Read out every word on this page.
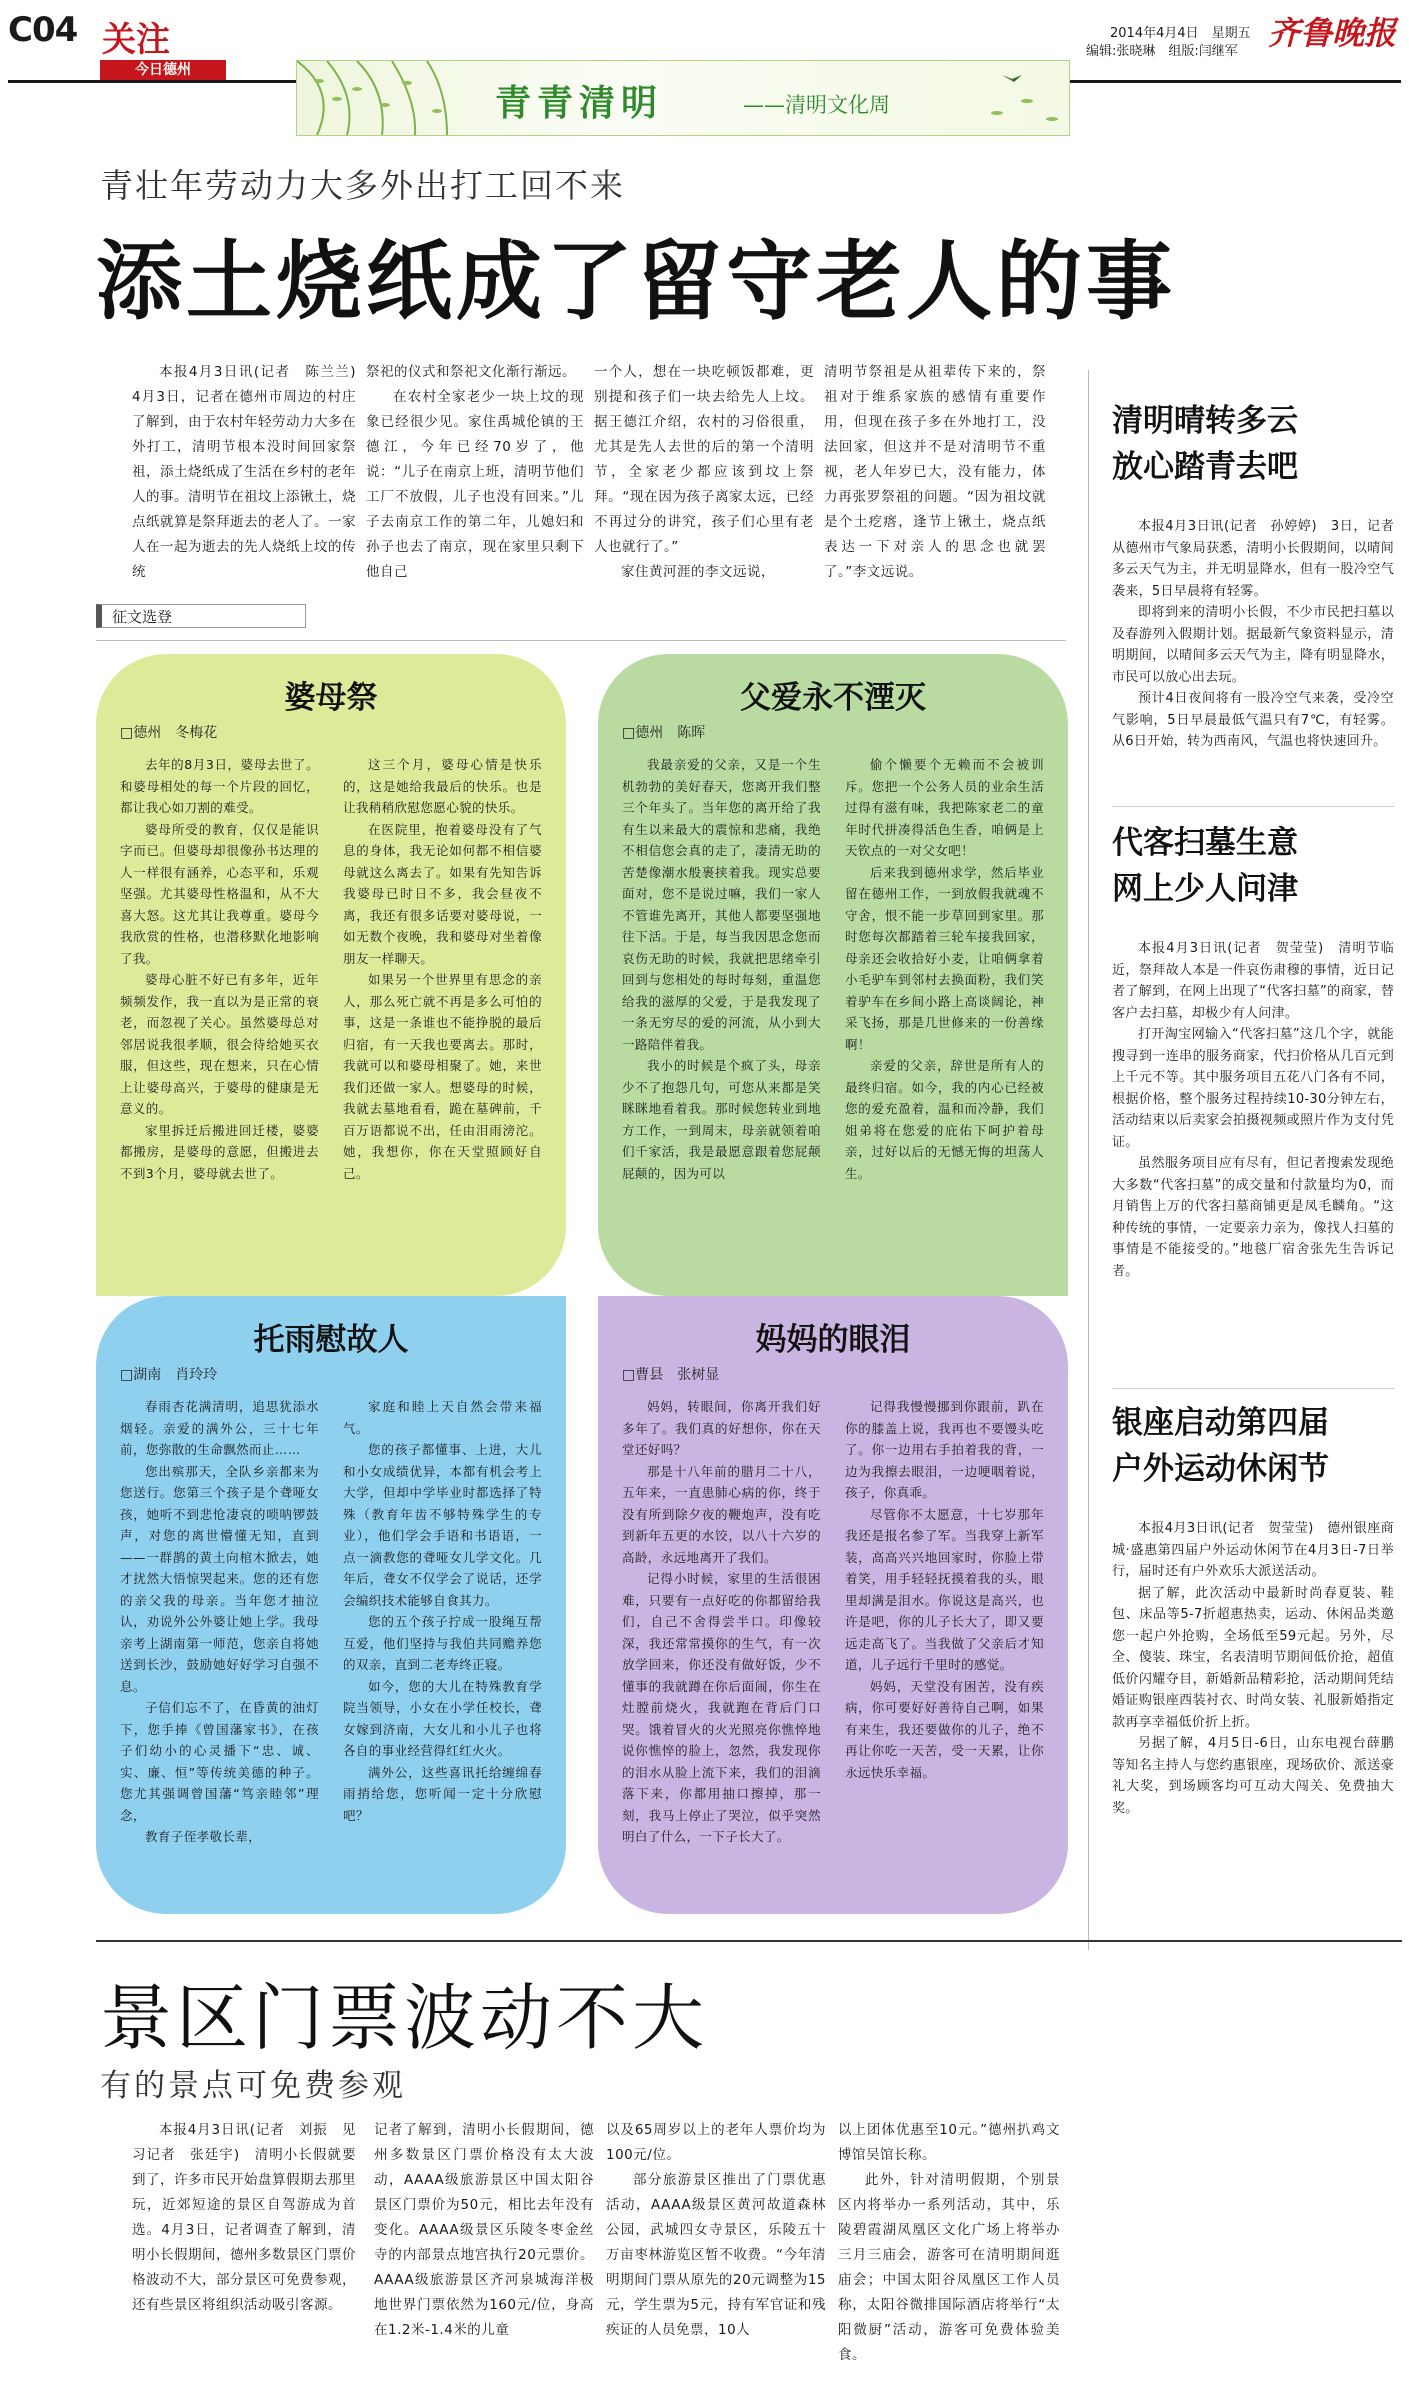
C04 关注
今日德州
2014年4月4日　星期五
编辑:张晓琳　组版:闫继军 齐鲁晚报
青青清明	——清明文化周
青壮年劳动力大多外出打工回不来
添土烧纸成了留守老人的事

本报4月3日讯(记者　陈兰兰)　4月3日，记者在德州市周边的村庄了解到，由于农村年轻劳动力大多在外打工，清明节根本没时间回家祭祖，添土烧纸成了生活在乡村的老年人的事。清明节在祖坟上添锹土，烧点纸就算是祭拜逝去的老人了。一家人在一起为逝去的先人烧纸上坟的传统

祭祀的仪式和祭祀文化渐行渐远。

在农村全家老少一块上坟的现象已经很少见。家住禹城伦镇的王德江，今年已经70岁了，他说：“儿子在南京上班，清明节他们工厂不放假，儿子也没有回来。”儿子去南京工作的第二年，儿媳妇和孙子也去了南京，现在家里只剩下他自己

一个人，想在一块吃顿饭都难，更别提和孩子们一块去给先人上坟。据王德江介绍，农村的习俗很重，尤其是先人去世的后的第一个清明节，全家老少都应该到坟上祭拜。“现在因为孩子离家太远，已经不再过分的讲究，孩子们心里有老人也就行了。”

家住黄河涯的李文远说，

清明节祭祖是从祖辈传下来的，祭祖对于维系家族的感情有重要作用，但现在孩子多在外地打工，没法回家，但这并不是对清明节不重视，老人年岁已大，没有能力，体力再张罗祭祖的问题。“因为祖坟就是个土疙瘩，逢节上锹土，烧点纸表达一下对亲人的思念也就罢了。”李文远说。

征文选登
婆母祭
□德州　冬梅花

去年的8月3日，婆母去世了。和婆母相处的每一个片段的回忆，都让我心如刀割的难受。

婆母所受的教育，仅仅是能识字而已。但婆母却很像孙书达理的人一样很有涵养，心态平和，乐观坚强。尤其婆母性格温和，从不大喜大怒。这尤其让我尊重。婆母今我欣赏的性格，也潜移默化地影响了我。

婆母心脏不好已有多年，近年频频发作，我一直以为是正常的衰老，而忽视了关心。虽然婆母总对邻居说我很孝顺，很会待给她买衣服，但这些，现在想来，只在心情上让婆母高兴，于婆母的健康是无意义的。

家里拆迁后搬进回迁楼，婆婆都搬房，是婆母的意愿，但搬进去不到3个月，婆母就去世了。

这三个月，婆母心情是快乐的，这是她给我最后的快乐。也是让我稍稍欣慰您愿心貌的快乐。

在医院里，抱着婆母没有了气息的身体，我无论如何都不相信婆母就这么离去了。如果有先知告诉我婆母已时日不多，我会昼夜不离，我还有很多话要对婆母说，一如无数个夜晚，我和婆母对坐着像朋友一样聊天。

如果另一个世界里有思念的亲人，那么死亡就不再是多么可怕的事，这是一条谁也不能挣脱的最后归宿，有一天我也要离去。那时，我就可以和婆母相聚了。她，来世我们还做一家人。想婆母的时候，我就去墓地看看，跪在墓碑前，千百万语都说不出，任由泪雨滂沱。她，我想你，你在天堂照顾好自己。

父爱永不湮灭
□德州　陈晖

我最亲爱的父亲，又是一个生机勃勃的美好春天，您离开我们整三个年头了。当年您的离开给了我有生以来最大的震惊和悲痛，我绝不相信您会真的走了，凄清无助的苦楚像潮水般裹挟着我。现实总要面对，您不是说过嘛，我们一家人不管谁先离开，其他人都要坚强地往下活。于是，每当我因思念您而哀伤无助的时候，我就把思绪牵引回到与您相处的每时每刻，重温您给我的滋厚的父爱，于是我发现了一条无穷尽的爱的河流，从小到大一路陪伴着我。

我小的时候是个疯了头，母亲少不了抱怨几句，可您从来都是笑眯眯地看着我。那时候您转业到地方工作，一到周末，母亲就领着咱们千家活，我是最愿意跟着您屁颠屁颠的，因为可以

偷个懒要个无赖而不会被训斥。您把一个公务人员的业余生活过得有滋有味，我把陈家老二的童年时代拼凑得活色生香，咱俩是上天钦点的一对父女吧！

后来我到德州求学，然后毕业留在德州工作，一到放假我就魂不守舍，恨不能一步草回到家里。那时您每次都踏着三轮车接我回家，母亲还会收拾好小麦，让咱俩拿着小毛驴车到邻村去换面粉，我们笑着驴车在乡间小路上高谈阔论，神采飞扬，那是几世修来的一份善缘啊！

亲爱的父亲，辞世是所有人的最终归宿。如今，我的内心已经被您的爱充盈着，温和而冷静，我们姐弟将在您爱的庇佑下呵护着母亲，过好以后的无憾无悔的坦荡人生。

托雨慰故人
□湖南　肖玲玲

春雨杏花满清明，追思犹添水烟轻。亲爱的满外公，三十七年前，您弥散的生命飘然而止……

您出殡那天，全队乡亲都来为您送行。您第三个孩子是个聋哑女孩，她听不到悲怆凄哀的唢呐锣鼓声，对您的离世懵懂无知，直到——一群鹊的黄土向棺木掀去，她才扰然大悟惊哭起来。您的还有您的亲父我的母亲。当年您才抽泣认，劝说外公外婆让她上学。我母亲考上湖南第一师范，您亲自将她送到长沙，鼓励她好好学习自强不息。

子信们忘不了，在昏黄的油灯下，您手捧《曾国藩家书》，在孩子们幼小的心灵播下“忠、诚、实、廉、恒”等传统美德的种子。您尤其强调曾国藩“笃亲睦邻”理念，

教育子侄孝敬长辈，

家庭和睦上天自然会带来福气。

您的孩子都懂事、上进，大儿和小女成绩优异，本都有机会考上大学，但却中学毕业时都选择了特殊（教育年齿不够特殊学生的专业），他们学会手语和书语语，一点一滴教您的聋哑女儿学文化。几年后，聋女不仅学会了说话，还学会编织技术能够自食其力。

您的五个孩子拧成一股绳互帮互爱，他们坚持与我伯共同赡养您的双亲，直到二老寿终正寝。

如今，您的大儿在特殊教育学院当领导，小女在小学任校长，聋女嫁到济南，大女儿和小儿子也将各自的事业经营得红红火火。

满外公，这些喜讯托给缠绵春雨捎给您，您听闻一定十分欣慰吧？

妈妈的眼泪
□曹县　张树显

妈妈，转眼间，你离开我们好多年了。我们真的好想你，你在天堂还好吗？

那是十八年前的腊月二十八，五年来，一直患肺心病的你，终于没有所到除夕夜的鞭炮声，没有吃到新年五更的水饺，以八十六岁的高龄，永远地离开了我们。

记得小时候，家里的生活很困难，只要有一点好吃的你都留给我们，自己不舍得尝半口。印像较深，我还常常摸你的生气，有一次放学回来，你还没有做好饭，少不懂事的我就蹲在你后面闹，你生在灶膛前烧火，我就跑在背后门口哭。饿着冒火的火光照亮你憔悴地说你憔悴的脸上，忽然，我发现你的泪水从脸上流下来，我们的泪滴落下来，你都用抽口擦掉，那一刻，我马上停止了哭泣，似乎突然明白了什么，一下子长大了。

记得我慢慢挪到你跟前，趴在你的膝盖上说，我再也不要馒头吃了。你一边用右手拍着我的背，一边为我擦去眼泪，一边哽咽着说，孩子，你真乖。

尽管你不太愿意，十七岁那年我还是报名参了军。当我穿上新军装，高高兴兴地回家时，你脸上带着笑，用手轻轻抚摸着我的头，眼里却满是泪水。你说这是高兴，也许是吧，你的儿子长大了，即又要远走高飞了。当我做了父亲后才知道，儿子远行千里时的感觉。

妈妈，天堂没有困苦，没有疾病，你可要好好善待自己啊，如果有来生，我还要做你的儿子，绝不再让你吃一天苦，受一天累，让你永远快乐幸福。

清明晴转多云
放心踏青去吧

本报4月3日讯(记者　孙婷婷)　3日，记者从德州市气象局获悉，清明小长假期间，以晴间多云天气为主，并无明显降水，但有一股冷空气袭来，5日早晨将有轻雾。

即将到来的清明小长假，不少市民把扫墓以及春游列入假期计划。据最新气象资料显示，清明期间，以晴间多云天气为主，降有明显降水，市民可以放心出去玩。

预计4日夜间将有一股冷空气来袭，受冷空气影响，5日早晨最低气温只有7℃，有轻雾。从6日开始，转为西南风，气温也将快速回升。

代客扫墓生意
网上少人问津

本报4月3日讯(记者　贺莹莹)　清明节临近，祭拜故人本是一件哀伤肃穆的事情，近日记者了解到，在网上出现了“代客扫墓”的商家，替客户去扫墓，却极少有人问津。

打开淘宝网输入“代客扫墓”这几个字，就能搜寻到一连串的服务商家，代扫价格从几百元到上千元不等。其中服务项目五花八门各有不同，根据价格，整个服务过程持续10-30分钟左右，活动结束以后卖家会拍摄视频或照片作为支付凭证。

虽然服务项目应有尽有，但记者搜索发现绝大多数“代客扫墓”的成交量和付款量均为0，而月销售上万的代客扫墓商铺更是凤毛麟角。“这种传统的事情，一定要亲力亲为，像找人扫墓的事情是不能接受的。”地毯厂宿舍张先生告诉记者。

银座启动第四届
户外运动休闲节

本报4月3日讯(记者　贺莹莹)　德州银座商城·盛惠第四届户外运动休闲节在4月3日-7日举行，届时还有户外欢乐大派送活动。

据了解，此次活动中最新时尚春夏装、鞋包、床品等5-7折超惠热卖，运动、休闲品类邀您一起户外抢购，全场低至59元起。另外，尽全、傻装、珠宝，名表清明节期间低价抢，超值低价闪耀夺目，新婚新品精彩抢，活动期间凭结婚证购银座西装衬衣、时尚女装、礼服新婚指定款再享幸福低价折上折。

另据了解，4月5日-6日，山东电视台薛鹏等知名主持人与您约惠银座，现场砍价、派送豪礼大奖，到场顾客均可互动大闯关、免费抽大奖。

景区门票波动不大
有的景点可免费参观

本报4月3日讯(记者　刘振　见习记者　张廷宇)　清明小长假就要到了，许多市民开始盘算假期去那里玩，近郊短途的景区自驾游成为首选。4月3日，记者调查了解到，清明小长假期间，德州多数景区门票价格波动不大，部分景区可免费参观，还有些景区将组织活动吸引客源。

记者了解到，清明小长假期间，德州多数景区门票价格没有太大波动，AAAA级旅游景区中国太阳谷景区门票价为50元，相比去年没有变化。AAAA级景区乐陵冬枣金丝寺的内部景点地宫执行20元票价。AAAA级旅游景区齐河泉城海洋极地世界门票依然为160元/位，身高在1.2米-1.4米的儿童

以及65周岁以上的老年人票价均为100元/位。

部分旅游景区推出了门票优惠活动，AAAA级景区黄河故道森林公园，武城四女寺景区，乐陵五十万亩枣林游览区暂不收费。“今年清明期间门票从原先的20元调整为15元，学生票为5元，持有军官证和残疾证的人员免票，10人

以上团体优惠至10元。”德州扒鸡文博馆吴馆长称。

此外，针对清明假期，个别景区内将举办一系列活动，其中，乐陵碧霞湖凤凰区文化广场上将举办三月三庙会，游客可在清明期间逛庙会；中国太阳谷凤凰区工作人员称，太阳谷微排国际酒店将举行“太阳微厨”活动，游客可免费体验美食。
